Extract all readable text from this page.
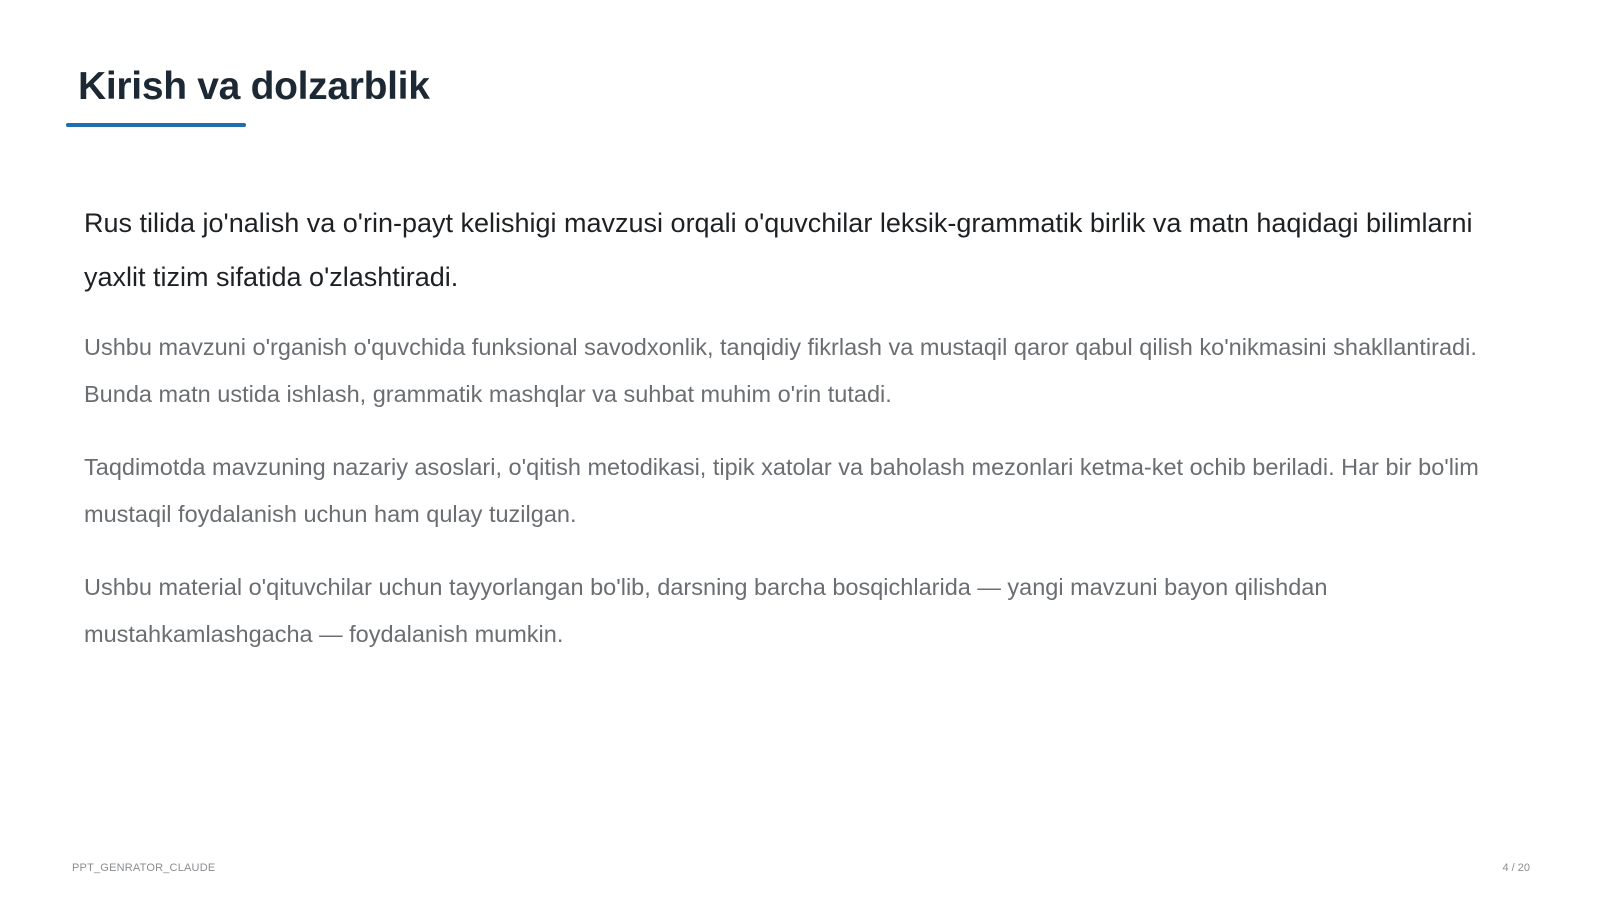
Kirish va dolzarblik

Rus tilida jo'nalish va o'rin-payt kelishigi mavzusi orqali o'quvchilar leksik-grammatik birlik va matn haqidagi bilimlarni yaxlit tizim sifatida o'zlashtiradi.

Ushbu mavzuni o'rganish o'quvchida funksional savodxonlik, tanqidiy fikrlash va mustaqil qaror qabul qilish ko'nikmasini shakllantiradi. Bunda matn ustida ishlash, grammatik mashqlar va suhbat muhim o'rin tutadi.

Taqdimotda mavzuning nazariy asoslari, o'qitish metodikasi, tipik xatolar va baholash mezonlari ketma-ket ochib beriladi. Har bir bo'lim mustaqil foydalanish uchun ham qulay tuzilgan.

Ushbu material o'qituvchilar uchun tayyorlangan bo'lib, darsning barcha bosqichlarida — yangi mavzuni bayon qilishdan mustahkamlashgacha — foydalanish mumkin.

PPT_GENRATOR_CLAUDE	4 / 20
